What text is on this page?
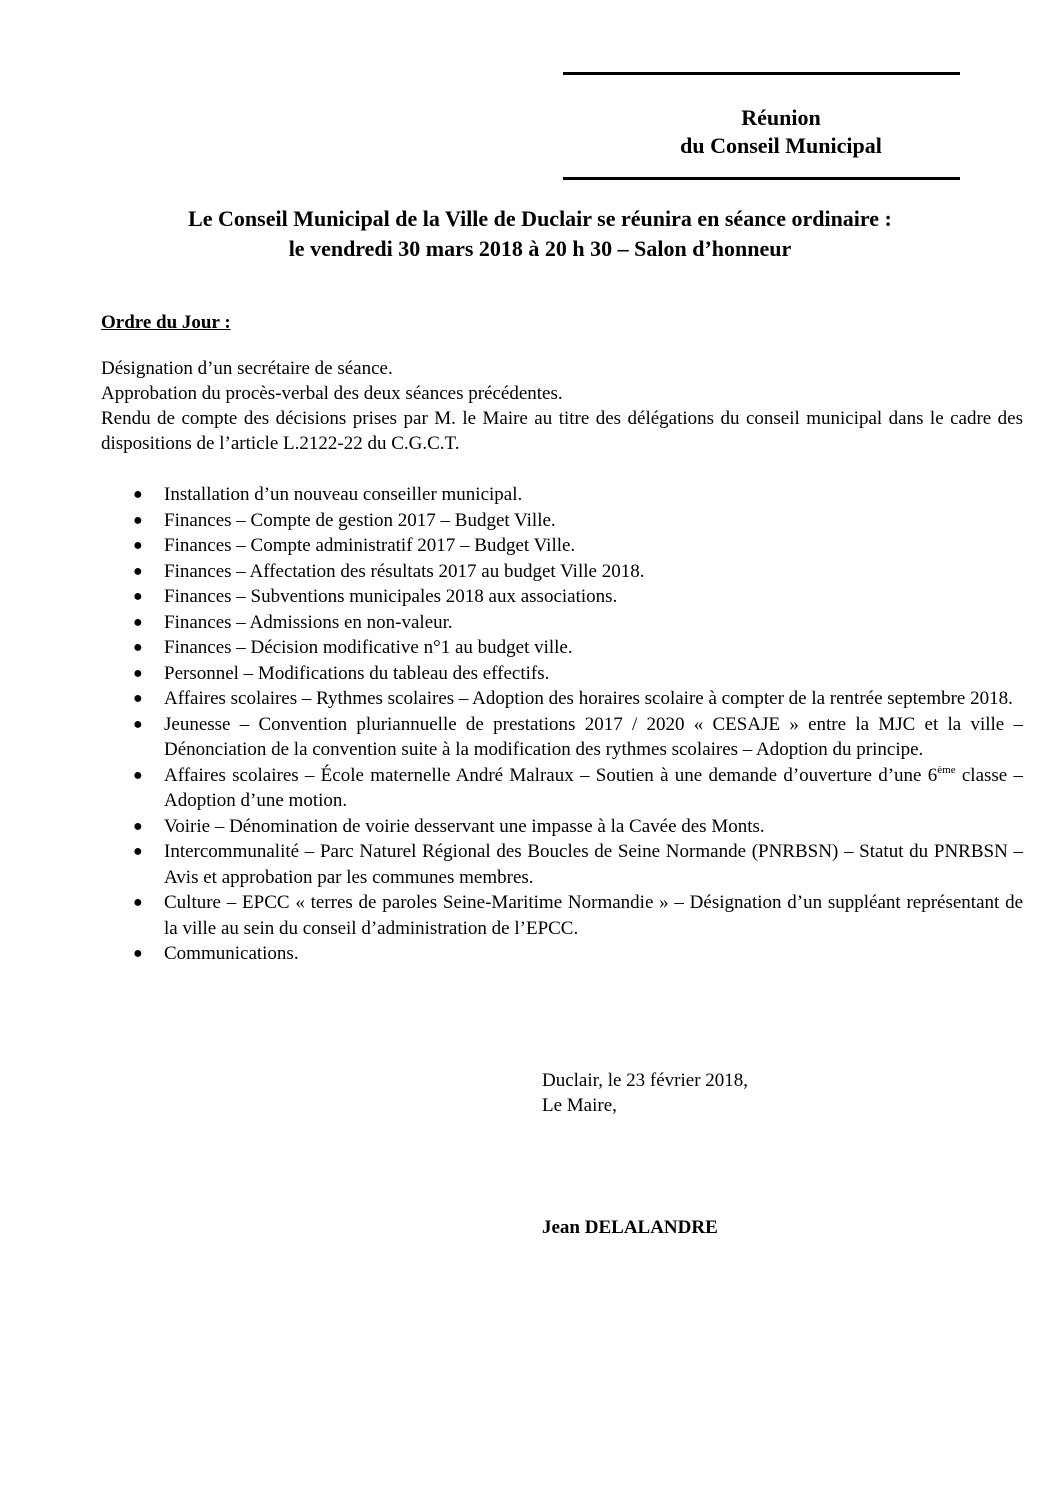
Réunion
du Conseil Municipal
Le Conseil Municipal de la Ville de Duclair se réunira en séance ordinaire :
le vendredi 30 mars 2018 à 20 h 30 – Salon d’honneur
Ordre du Jour :

Désignation d’un secrétaire de séance.

Approbation du procès-verbal des deux séances précédentes.

Rendu de compte des décisions prises par M. le Maire au titre des délégations du conseil municipal dans le cadre des dispositions de l’article L.2122-22 du C.G.C.T.

● Installation d’un nouveau conseiller municipal.
● Finances – Compte de gestion 2017 – Budget Ville.
● Finances – Compte administratif 2017 – Budget Ville.
● Finances – Affectation des résultats 2017 au budget Ville 2018.
● Finances – Subventions municipales 2018 aux associations.
● Finances – Admissions en non-valeur.
● Finances – Décision modificative n°1 au budget ville.
● Personnel – Modifications du tableau des effectifs.
● Affaires scolaires – Rythmes scolaires – Adoption des horaires scolaire à compter de la rentrée septembre 2018.
● Jeunesse – Convention pluriannuelle de prestations 2017 / 2020 « CESAJE » entre la MJC et la ville – Dénonciation de la convention suite à la modification des rythmes scolaires – Adoption du principe.
● Affaires scolaires – École maternelle André Malraux – Soutien à une demande d’ouverture d’une 6ème classe – Adoption d’une motion.
● Voirie – Dénomination de voirie desservant une impasse à la Cavée des Monts.
● Intercommunalité – Parc Naturel Régional des Boucles de Seine Normande (PNRBSN) – Statut du PNRBSN – Avis et approbation par les communes membres.
● Culture – EPCC « terres de paroles Seine-Maritime Normandie » – Désignation d’un suppléant représentant de la ville au sein du conseil d’administration de l’EPCC.
● Communications.
Duclair, le 23 février 2018,
Le Maire,
Jean DELALANDRE
